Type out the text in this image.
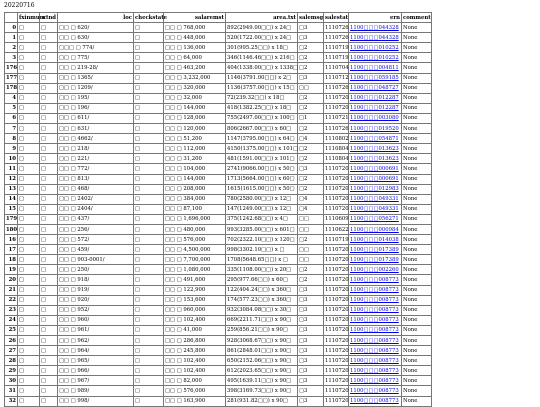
20220716
	fxinmum	ctnd	loc	checkstate	salaremst	area.txt	salemsg	salestat	ern	comment
0	□	□	□□ □ 620/	□	□□ □ 768,000	892(2949.00□□) x 24□	□3	1110726	1100□□□044328	None
1	□	□	□□ □ 630/	□	□□ □ 448,000	520(1722.00□□) x 24□	□3	1110726	1100□□□044328	None
2	□	□	□□□ □ 774/	□	□□ □ 136,000	301(995.25□□) x 18□	□2	1110719	1100□□□010252	None
3	□	□	□□ □ 775/	□	□□ □ 64,000	346(1146.46□□) x 216□	□2	1110719	1100□□□010252	None
176	□	□	□□ □ 219-28/	□	□□ □ 463,200	404(1338.00□□) x 1338□	□2	1110704	1100□□□004811	None
177	□	□	□□ □ 1365/	□	□□ □ 3,232,000	1146(3791.00□□) x 2□	□3	1110712	1100□□□059185	None
178	□	□	□□ □ 1209/	□	□□ □ 320,000	1136(3757.00□□) x 15□	□□	1110726	1100□□□048727	None
4	□	□	□□ □ 195/	□	□□ □ 32,000	72(239.32□□) x 18□	□2	1110720	1100□□□012287	None
5	□	□	□□ □ 196/	□	□□ □ 144,000	418(1382.25□□) x 18□	□2	1110720	1100□□□012287	None
6	□	□	□□ □ 611/	□	□□ □ 128,000	755(2497.00□□) x 100□	□1	1110721	1100□□□003080	None
7	□	□	□□ □ 631/	□	□□ □ 120,000	806(2667.00□□) x 60□	□2	1110726	1100□□□019520	None
8	□	□	□□ □ 4662/	□	□□ □ 51,200	1147(3795.00□□) x 64□	□4	1110802	1100□□□054871	None
9	□	□	□□ □ 218/	□	□□ □ 112,000	4150(1375.00□□) x 101□	□2	1110804	1100□□□013623	None
10	□	□	□□ □ 221/	□	□□ □ 31,200	481(1591.00□□) x 101□	□2	1110804	1100□□□013623	None
11	□	□	□□ □ 772/	□	□□ □ 104,000	2741(9066.00□□) x 50□	□3	1110720	1100□□□000691	None
12	□	□	□□ □ 813/	□	□□ □ 144,000	1713(5664.00□□) x 60□	□2	1110720	1100□□□000691	None
13	□	□	□□ □ 468/	□	□□ □ 208,000	1615(1615.00□□) x 50□	□2	1110720	1100□□□012983	None
14	□	□	□□ □ 2402/	□	□□ □ 384,000	780(2580.00□□) x 12□	□4	1110720	1100□□□049331	None
15	□	□	□□ □ 2404/	□	□□ □ 87,100	147(1249.00□□) x 12□	□4	1110720	1100□□□049331	None
179	□	□	□□ □ 437/	□	□□ □ 1,696,000	375(1242.68□□) x 4□	□□	1110609	1100□□□056271	None
180	□	□	□□ □ 256/	□	□□ □ 480,000	993(3285.00□□) x 601□	□□	1110622	1100□□□000984	None
16	□	□	□□ □ 572/	□	□□ □ 576,000	702(2322.10□□) x 120□	□2	1110719	1100□□□014038	None
17	□	□	□□ □ 459/	□	□□ □ 4,500,000	998(3302.10□□) x □	□□	1110720	1100□□□017389	None
18	□	□	□□ □ 903-0001/	□	□□ □ 7,700,000	1708(5648.65□□) x □	□□	1110720	1100□□□017389	None
19	□	□	□□ □ 250/	□	□□ □ 1,080,000	335(1108.00□□) x 20□	□2	1110720	1100□□□002260	None
20	□	□	□□ □ 918/	□	□□ □ 491,600	295(977.66□□) x 60□	□2	1110720	1100□□□008773	None
21	□	□	□□ □ 919/	□	□□ □ 122,900	122(404.24□□) x 360□	□3	1110720	1100□□□008773	None
22	□	□	□□ □ 920/	□	□□ □ 153,600	174(577.23□□) x 360□	□3	1110720	1100□□□008773	None
23	□	□	□□ □ 952/	□	□□ □ 960,000	932(3084.08□□) x 30□	□3	1110720	1100□□□008773	None
24	□	□	□□ □ 960/	□	□□ □ 102,400	669(2211.71□□) x 90□	□3	1110720	1100□□□008773	None
25	□	□	□□ □ 961/	□	□□ □ 41,000	259(856.21□□) x 90□	□3	1110720	1100□□□008773	None
26	□	□	□□ □ 962/	□	□□ □ 286,800	928(3068.67□□) x 90□	□3	1110720	1100□□□008773	None
27	□	□	□□ □ 964/	□	□□ □ 245,800	861(2848.01□□) x 90□	□3	1110720	1100□□□008773	None
28	□	□	□□ □ 965/	□	□□ □ 102,400	650(2152.06□□) x 90□	□3	1110720	1100□□□008773	None
29	□	□	□□ □ 966/	□	□□ □ 102,400	612(2023.65□□) x 90□	□3	1110720	1100□□□008773	None
30	□	□	□□ □ 967/	□	□□ □ 82,000	495(1639.11□□) x 90□	□3	1110720	1100□□□008773	None
31	□	□	□□ □ 989/	□	□□ □ 576,000	398(3169.73□□) x 90□	□3	1110720	1100□□□008773	None
32	□	□	□□ □ 998/	□	□□ □ 163,900	281(931.82□□) x 90□	□3	1110720	1100□□□008773	None
